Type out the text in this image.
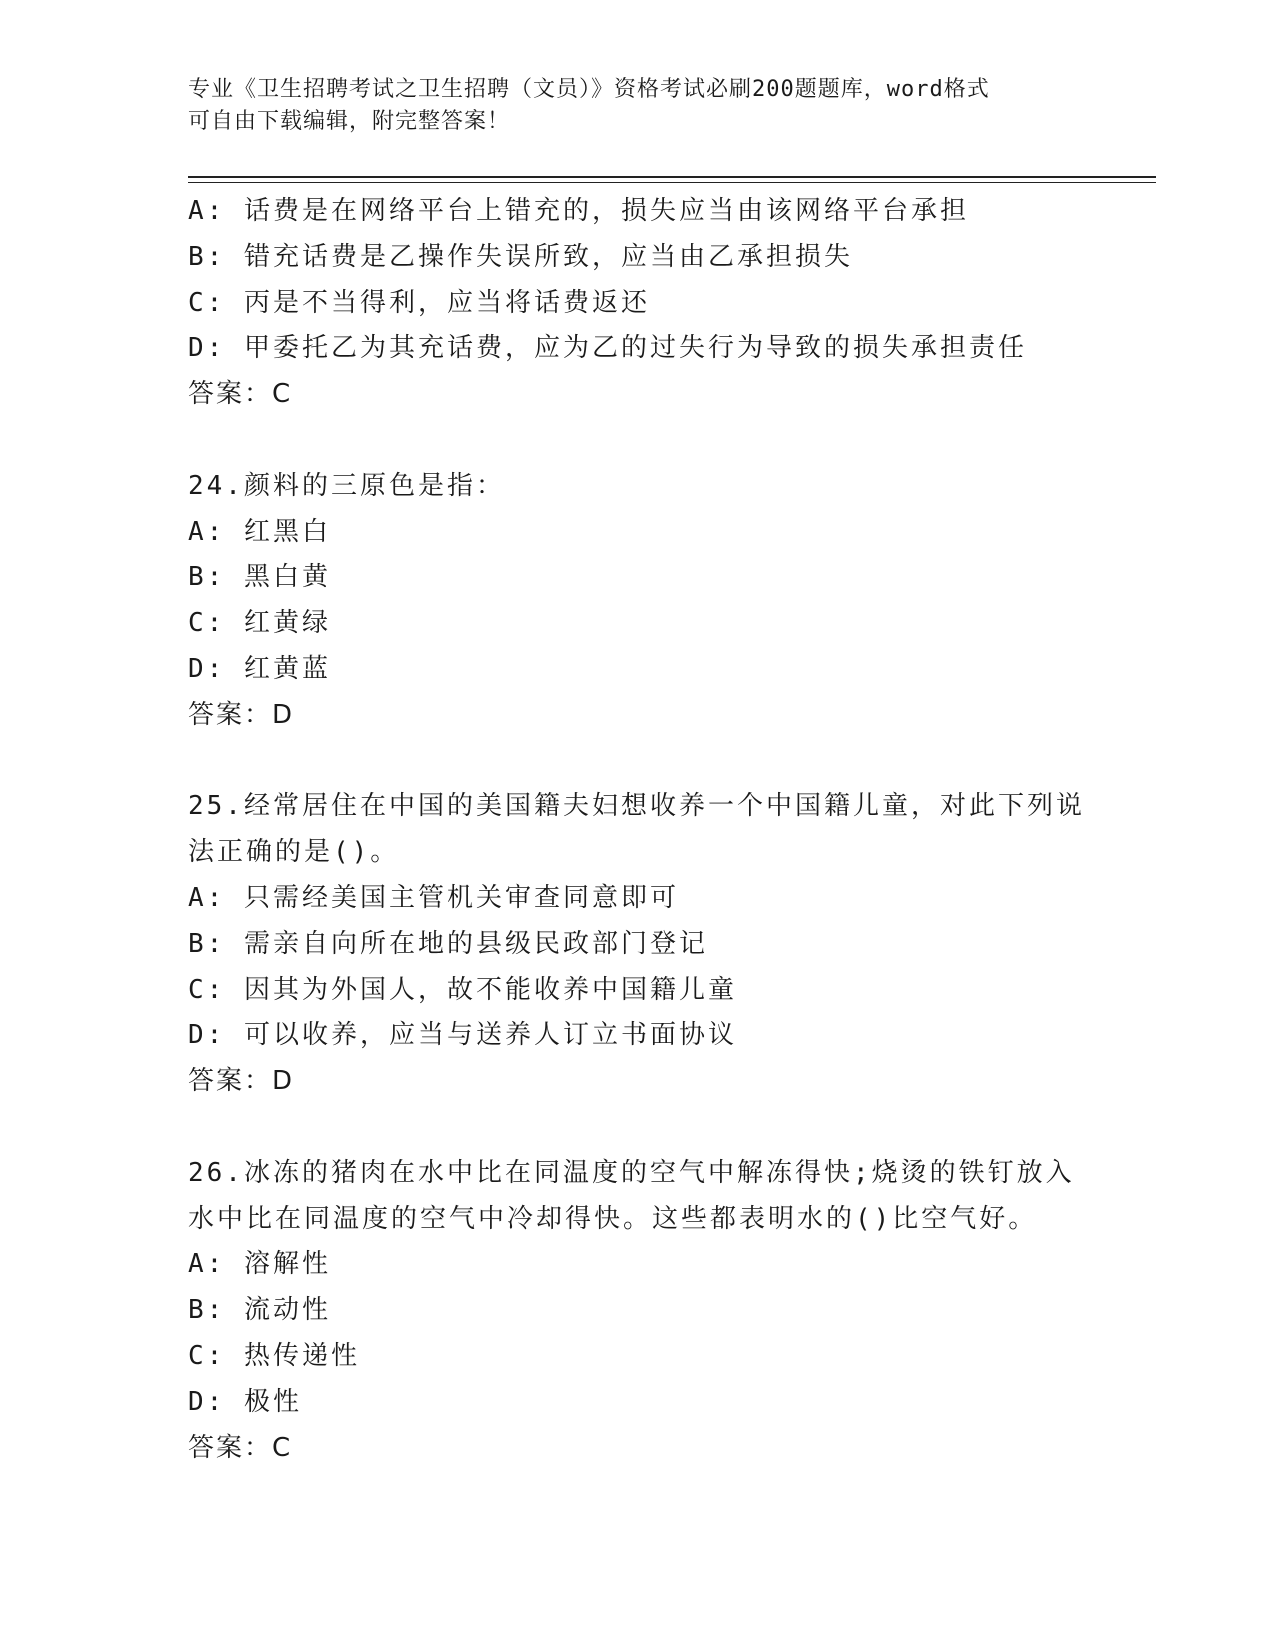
专业《卫生招聘考试之卫生招聘（文员）》资格考试必刷200题题库，word格式
可自由下载编辑，附完整答案！
A: 话费是在网络平台上错充的，损失应当由该网络平台承担
B: 错充话费是乙操作失误所致，应当由乙承担损失
C: 丙是不当得利，应当将话费返还
D: 甲委托乙为其充话费，应为乙的过失行为导致的损失承担责任
答案：C
24.颜料的三原色是指：
A: 红黑白
B: 黑白黄
C: 红黄绿
D: 红黄蓝
答案：D
25.经常居住在中国的美国籍夫妇想收养一个中国籍儿童，对此下列说
法正确的是()。
A: 只需经美国主管机关审查同意即可
B: 需亲自向所在地的县级民政部门登记
C: 因其为外国人，故不能收养中国籍儿童
D: 可以收养，应当与送养人订立书面协议
答案：D
26.冰冻的猪肉在水中比在同温度的空气中解冻得快;烧烫的铁钉放入
水中比在同温度的空气中冷却得快。这些都表明水的()比空气好。
A: 溶解性
B: 流动性
C: 热传递性
D: 极性
答案：C
